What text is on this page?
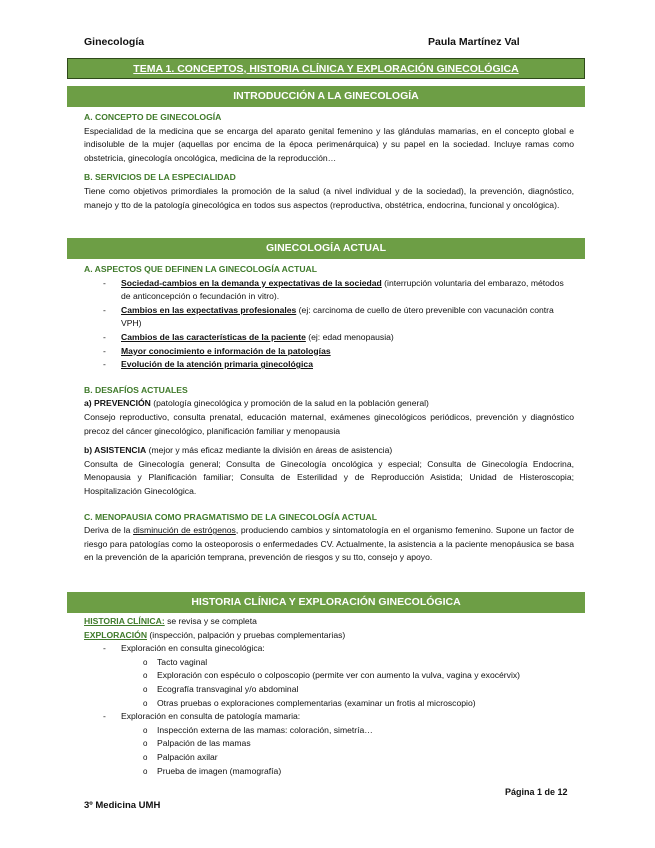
Ginecología	Paula Martínez Val
TEMA 1. CONCEPTOS, HISTORIA CLÍNICA Y EXPLORACIÓN GINECOLÓGICA
INTRODUCCIÓN A LA GINECOLOGÍA
A. CONCEPTO DE GINECOLOGÍA
Especialidad de la medicina que se encarga del aparato genital femenino y las glándulas mamarias, en el concepto global e indisoluble de la mujer (aquellas por encima de la época perimenárquica) y su papel en la sociedad. Incluye ramas como obstetricia, ginecología oncológica, medicina de la reproducción…
B. SERVICIOS DE LA ESPECIALIDAD
Tiene como objetivos primordiales la promoción de la salud (a nivel individual y de la sociedad), la prevención, diagnóstico, manejo y tto de la patología ginecológica en todos sus aspectos (reproductiva, obstétrica, endocrina, funcional y oncológica).
GINECOLOGÍA ACTUAL
A. ASPECTOS QUE DEFINEN LA GINECOLOGÍA ACTUAL
- Sociedad-cambios en la demanda y expectativas de la sociedad (interrupción voluntaria del embarazo, métodos de anticoncepción o fecundación in vitro).
- Cambios en las expectativas profesionales (ej: carcinoma de cuello de útero prevenible con vacunación contra VPH)
- Cambios de las características de la paciente (ej: edad menopausia)
- Mayor conocimiento e información de la patologías
- Evolución de la atención primaria ginecológica
B. DESAFÍOS ACTUALES
a) PREVENCIÓN (patología ginecológica y promoción de la salud en la población general)
Consejo reproductivo, consulta prenatal, educación maternal, exámenes ginecológicos periódicos, prevención y diagnóstico precoz del cáncer ginecológico, planificación familiar y menopausia
b) ASISTENCIA (mejor y más eficaz mediante la división en áreas de asistencia)
Consulta de Ginecología general; Consulta de Ginecología oncológica y especial; Consulta de Ginecología Endocrina, Menopausia y Planificación familiar; Consulta de Esterilidad y de Reproducción Asistida; Unidad de Histeroscopia; Hospitalización Ginecológica.
C. MENOPAUSIA COMO PRAGMATISMO DE LA GINECOLOGÍA ACTUAL
Deriva de la disminución de estrógenos, produciendo cambios y sintomatología en el organismo femenino. Supone un factor de riesgo para patologías como la osteoporosis o enfermedades CV. Actualmente, la asistencia a la paciente menopáusica se basa en la prevención de la aparición temprana, prevención de riesgos y su tto, consejo y apoyo.
HISTORIA CLÍNICA Y EXPLORACIÓN GINECOLÓGICA
HISTORIA CLÍNICA: se revisa y se completa
EXPLORACIÓN (inspección, palpación y pruebas complementarias)
- Exploración en consulta ginecológica:
o Tacto vaginal
o Exploración con espéculo o colposcopio (permite ver con aumento la vulva, vagina y exocérvix)
o Ecografía transvaginal y/o abdominal
o Otras pruebas o exploraciones complementarias (examinar un frotis al microscopio)
- Exploración en consulta de patología mamaria:
o Inspección externa de las mamas: coloración, simetría…
o Palpación de las mamas
o Palpación axilar
o Prueba de imagen (mamografía)
Página 1 de 12
3º Medicina UMH
